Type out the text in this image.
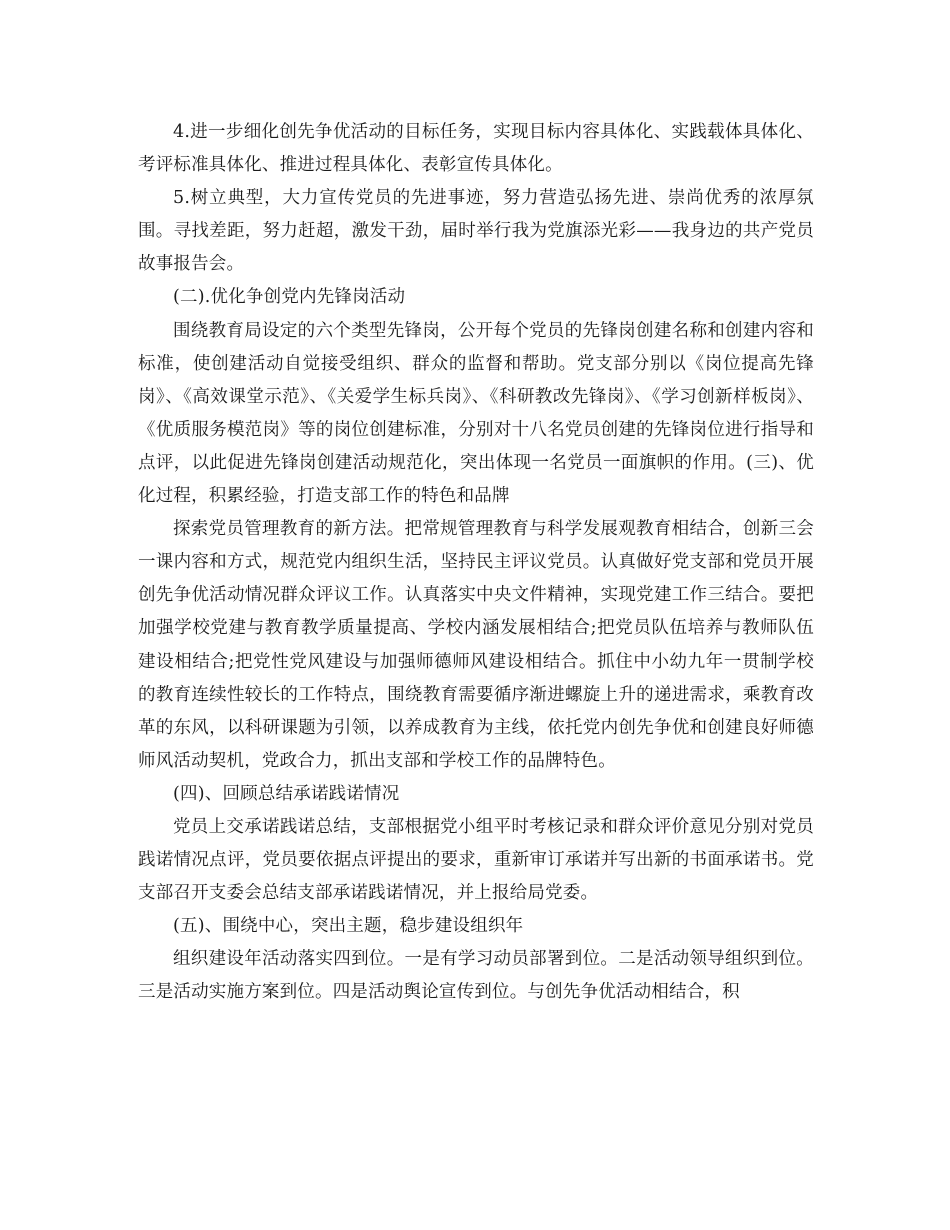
4.进一步细化创先争优活动的目标任务，实现目标内容具体化、实践载体具体化、考评标准具体化、推进过程具体化、表彰宣传具体化。

5.树立典型，大力宣传党员的先进事迹，努力营造弘扬先进、崇尚优秀的浓厚氛围。寻找差距，努力赶超，激发干劲，届时举行我为党旗添光彩——我身边的共产党员故事报告会。

(二).优化争创党内先锋岗活动

围绕教育局设定的六个类型先锋岗，公开每个党员的先锋岗创建名称和创建内容和标准，使创建活动自觉接受组织、群众的监督和帮助。党支部分别以《岗位提高先锋岗》、《高效课堂示范》、《关爱学生标兵岗》、《科研教改先锋岗》、《学习创新样板岗》、《优质服务模范岗》等的岗位创建标准，分别对十八名党员创建的先锋岗位进行指导和点评，以此促进先锋岗创建活动规范化，突出体现一名党员一面旗帜的作用。(三)、优化过程，积累经验，打造支部工作的特色和品牌

探索党员管理教育的新方法。把常规管理教育与科学发展观教育相结合，创新三会一课内容和方式，规范党内组织生活，坚持民主评议党员。认真做好党支部和党员开展创先争优活动情况群众评议工作。认真落实中央文件精神，实现党建工作三结合。要把加强学校党建与教育教学质量提高、学校内涵发展相结合;把党员队伍培养与教师队伍建设相结合;把党性党风建设与加强师德师风建设相结合。抓住中小幼九年一贯制学校的教育连续性较长的工作特点，围绕教育需要循序渐进螺旋上升的递进需求，乘教育改革的东风，以科研课题为引领，以养成教育为主线，依托党内创先争优和创建良好师德师风活动契机，党政合力，抓出支部和学校工作的品牌特色。

(四)、回顾总结承诺践诺情况

党员上交承诺践诺总结，支部根据党小组平时考核记录和群众评价意见分别对党员践诺情况点评，党员要依据点评提出的要求，重新审订承诺并写出新的书面承诺书。党支部召开支委会总结支部承诺践诺情况，并上报给局党委。

(五)、围绕中心，突出主题，稳步建设组织年

组织建设年活动落实四到位。一是有学习动员部署到位。二是活动领导组织到位。三是活动实施方案到位。四是活动舆论宣传到位。与创先争优活动相结合，积
